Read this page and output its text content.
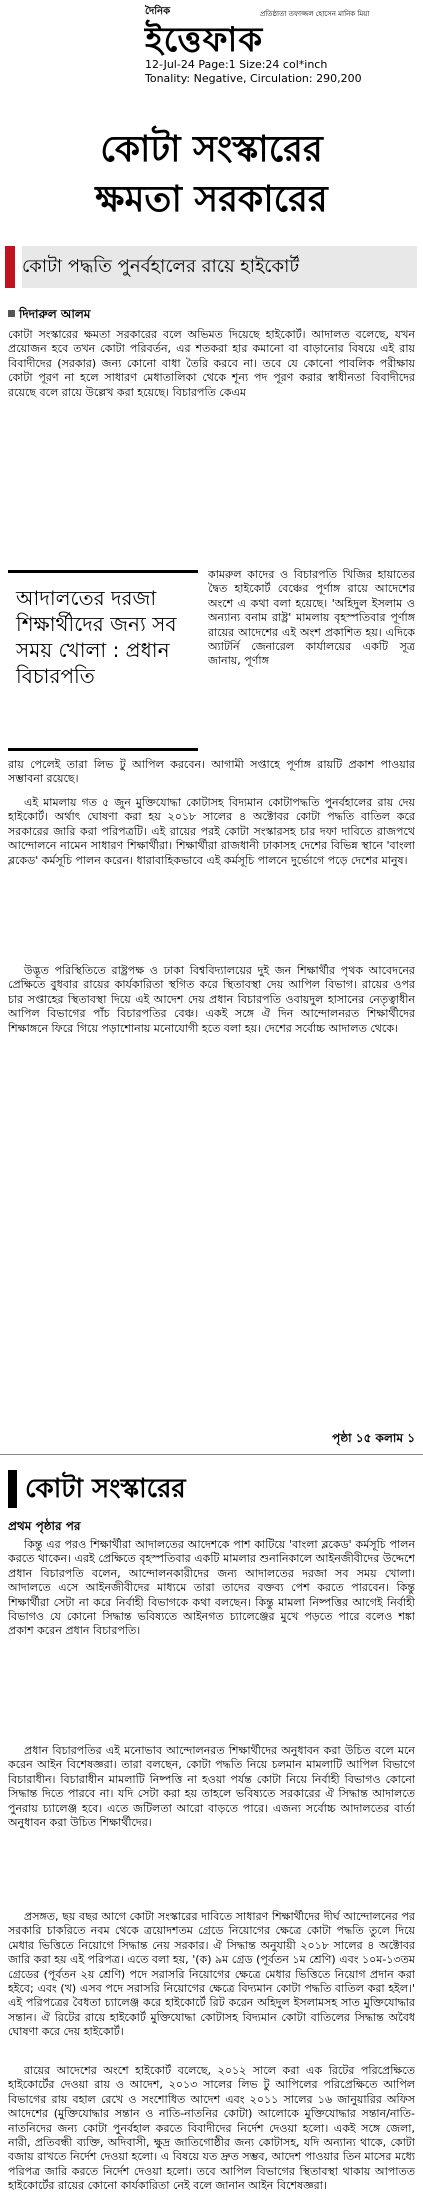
দৈনিক
ইত্তেফাক
প্রতিষ্ঠাতা তফাজ্জল হোসেন মানিক মিয়া
12-Jul-24 Page:1 Size:24 col*inch
Tonality: Negative, Circulation: 290,200
কোটা সংস্কারের
ক্ষমতা সরকারের
কোটা পদ্ধতি পুনর্বহালের রায়ে হাইকোর্ট
দিদারুল আলম
কোটা সংস্কারের ক্ষমতা সরকারের বলে অভিমত দিয়েছে হাইকোর্ট। আদালত বলেছে, যখন প্রয়োজন হবে তখন কোটা পরিবর্তন, এর শতকরা হার কমানো বা বাড়ানোর বিষয়ে এই রায় বিবাদীদের (সরকার) জন্য কোনো বাধা তৈরি করবে না। তবে যে কোনো পাবলিক পরীক্ষায় কোটা পূরণ না হলে সাধারণ মেধাতালিকা থেকে শূন্য পদ পূরণ করার স্বাধীনতা বিবাদীদের রয়েছে বলে রায়ে উল্লেখ করা হয়েছে। বিচারপতি কেএম
আদালতের দরজা শিক্ষার্থীদের জন্য সব সময় খোলা : প্রধান বিচারপতি
কামরুল কাদের ও বিচারপতি খিজির হায়াতের দ্বৈত হাইকোর্ট বেঞ্চের পূর্ণাঙ্গ রায়ে আদেশের অংশে এ কথা বলা হয়েছে। 'অহিদুল ইসলাম ও অন্যান্য বনাম রাষ্ট্র' মামলায় বৃহস্পতিবার পূর্ণাঙ্গ রায়ের আদেশের এই অংশ প্রকাশিত হয়। এদিকে অ্যাটর্নি জেনারেল কার্যালয়ের একটি সূত্র জানায়, পূর্ণাঙ্গ
রায় পেলেই তারা লিভ টু আপিল করবেন। আগামী সপ্তাহে পূর্ণাঙ্গ রায়টি প্রকাশ পাওয়ার সম্ভাবনা রয়েছে।
এই মামলায় গত ৫ জুন মুক্তিযোদ্ধা কোটাসহ বিদ্যমান কোটাপদ্ধতি পুনর্বহালের রায় দেয় হাইকোর্ট। অর্থাৎ ঘোষণা করা হয় ২০১৮ সালের ৪ অক্টোবর কোটা পদ্ধতি বাতিল করে সরকারের জারি করা পরিপত্রটি। এই রায়ের পরই কোটা সংস্কারসহ চার দফা দাবিতে রাজপথে আন্দোলনে নামেন সাধারণ শিক্ষার্থীরা। শিক্ষার্থীরা রাজধানী ঢাকাসহ দেশের বিভিন্ন স্থানে 'বাংলা ব্লকেড' কর্মসূচি পালন করেন। ধারাবাহিকভাবে এই কর্মসূচি পালনে দুর্ভোগে পড়ে দেশের মানুষ।
উদ্ভূত পরিস্থিতিতে রাষ্ট্রপক্ষ ও ঢাকা বিশ্ববিদ্যালয়ের দুই জন শিক্ষার্থীর পৃথক আবেদনের প্রেক্ষিতে বুধবার রায়ের কার্যকারিতা স্থগিত করে স্থিতাবস্থা দেয় আপিল বিভাগ। রায়ের ওপর চার সপ্তাহের স্থিতাবস্থা দিয়ে এই আদেশ দেয় প্রধান বিচারপতি ওবায়দুল হাসানের নেতৃত্বাধীন আপিল বিভাগের পাঁচ বিচারপতির বেঞ্চ। একই সঙ্গে ঐ দিন আন্দোলনরত শিক্ষার্থীদের শিক্ষাঙ্গনে ফিরে গিয়ে পড়াশোনায় মনোযোগী হতে বলা হয়। দেশের সর্বোচ্চ আদালত থেকে।
পৃষ্ঠা ১৫ কলাম ১
কোটা সংস্কারের
প্রথম পৃষ্ঠার পর
কিন্তু এর পরও শিক্ষার্থীরা আদালতের আদেশকে পাশ কাটিয়ে 'বাংলা ব্লকেড' কর্মসূচি পালন করতে থাকেন। এরই প্রেক্ষিতে বৃহস্পতিবার একটি মামলার শুনানিকালে আইনজীবীদের উদ্দেশে প্রধান বিচারপতি বলেন, আন্দোলনকারীদের জন্য আদালতের দরজা সব সময় খোলা। আদালতে এসে আইনজীবীদের মাধ্যমে তারা তাদের বক্তব্য পেশ করতে পারবেন। কিন্তু শিক্ষার্থীরা সেটা না করে নির্বাহী বিভাগকে কথা বলছেন। কিন্তু মামলা নিষ্পত্তির আগেই নির্বাহী বিভাগও যে কোনো সিদ্ধান্ত ভবিষ্যতে আইনগত চ্যালেঞ্জের মুখে পড়তে পারে বলেও শঙ্কা প্রকাশ করেন প্রধান বিচারপতি।
প্রধান বিচারপতির এই মনোভাব আন্দোলনরত শিক্ষার্থীদের অনুধাবন করা উচিত বলে মনে করেন আইন বিশেষজ্ঞরা। তারা বলছেন, কোটা পদ্ধতি নিয়ে চলমান মামলাটি আপিল বিভাগে বিচারাধীন। বিচারাধীন মামলাটি নিষ্পত্তি না হওয়া পর্যন্ত কোটা নিয়ে নির্বাহী বিভাগও কোনো সিদ্ধান্ত দিতে পারবে না। যদি সেটা করা হয় তাহলে ভবিষ্যতে সরকারের ঐ সিদ্ধান্ত আদালতে পুনরায় চ্যালেঞ্জ হবে। এতে জটিলতা আরো বাড়তে পারে। এজন্য সর্বোচ্চ আদালতের বার্তা অনুধাবন করা উচিত শিক্ষার্থীদের।
প্রসঙ্গত, ছয় বছর আগে কোটা সংস্কারের দাবিতে সাধারণ শিক্ষার্থীদের দীর্ঘ আন্দোলনের পর সরকারি চাকরিতে নবম থেকে ত্রয়োদশতম গ্রেডে নিয়োগের ক্ষেত্রে কোটা পদ্ধতি তুলে দিয়ে মেধার ভিত্তিতে নিয়োগে সিদ্ধান্ত নেয় সরকার। ঐ সিদ্ধান্ত অনুযায়ী ২০১৮ সালের ৪ অক্টোবর জারি করা হয় এই পরিপত্র। এতে বলা হয়, '(ক) ৯ম গ্রেড (পূর্বতন ১ম শ্রেণি) এবং ১০ম-১৩তম গ্রেডের (পূর্বতন ২য় শ্রেণি) পদে সরাসরি নিয়োগের ক্ষেত্রে মেধার ভিত্তিতে নিয়োগ প্রদান করা হইবে; এবং (খ) এসব পদে সরাসরি নিয়োগের ক্ষেত্রে বিদ্যমান কোটা পদ্ধতি বাতিল করা হইল।' এই পরিপত্রের বৈধতা চ্যালেঞ্জ করে হাইকোর্টে রিট করেন অহিদুল ইসলামসহ সাত মুক্তিযোদ্ধার সন্তান। ঐ রিটের রায়ে হাইকোর্ট মুক্তিযোদ্ধা কোটাসহ বিদ্যমান কোটা বাতিলের সিদ্ধান্ত অবৈধ ঘোষণা করে দেয় হাইকোর্ট।
রায়ের আদেশের অংশে হাইকোর্ট বলেছে, ২০১২ সালে করা এক রিটের পরিপ্রেক্ষিতে হাইকোর্টের দেওয়া রায় ও আদেশ, ২০১৩ সালের লিভ টু আপিলের পরিপ্রেক্ষিতে আপিল বিভাগের রায় বহাল রেখে ও সংশোধিত আদেশ এবং ২০১১ সালের ১৬ জানুয়ারির অফিস আদেশের (মুক্তিযোদ্ধার সন্তান ও নাতি-নাতনির কোটা) আলোকে মুক্তিযোদ্ধার সন্তান/নাতি-নাতনিদের জন্য কোটা পুনর্বহাল করতে বিবাদীদের নির্দেশ দেওয়া হলো। একই সঙ্গে জেলা, নারী, প্রতিবন্ধী ব্যক্তি, অদিবাসী, ক্ষুদ্র জাতিগোষ্ঠীর জন্য কোটাসহ, যদি অন্যান্য থাকে, কোটা বজায় রাখতে নির্দেশ দেওয়া হলো। এ বিষয়ে যত দ্রুত সম্ভব, আদেশ পাওয়ার তিন মাসের মধ্যে পরিপত্র জারি করতে নির্দেশ দেওয়া হলো। তবে আপিল বিভাগের স্থিতাবস্থা থাকায় আপাতত হাইকোর্টের রায়ের কোনো কার্যকারিতা নেই বলে জানান আইন বিশেষজ্ঞরা।
